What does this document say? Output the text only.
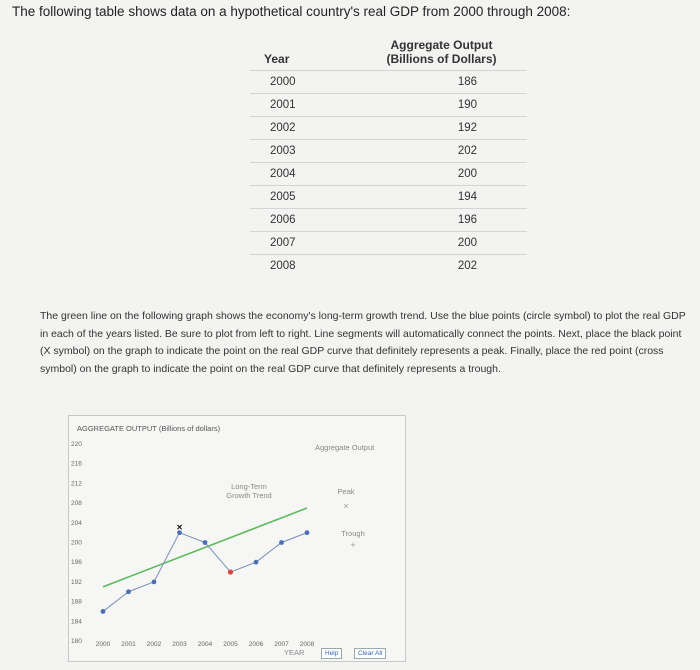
The following table shows data on a hypothetical country's real GDP from 2000 through 2008:
Year	Aggregate Output
(Billions of Dollars)

2000	186
2001	190
2002	192
2003	202
2004	200
2005	194
2006	196
2007	200
2008	202
The green line on the following graph shows the economy's long-term growth trend. Use the blue points (circle symbol) to plot the real GDP in each of the years listed. Be sure to plot from left to right. Line segments will automatically connect the points. Next, place the black point (X symbol) on the graph to indicate the point on the real GDP curve that definitely represents a peak. Finally, place the red point (cross symbol) on the graph to indicate the point on the real GDP curve that definitely represents a trough.
AGGREGATE OUTPUT (Billions of dollars)
220
216
212
208
204
200
196
192
188
184
180 2000 2001 2002 2003 2004 2005 2006 2007 2008
YEAR
×
Long-Term
Growth Trend
Aggregate Output
Peak
×
Trough
+
Help	Clear All
